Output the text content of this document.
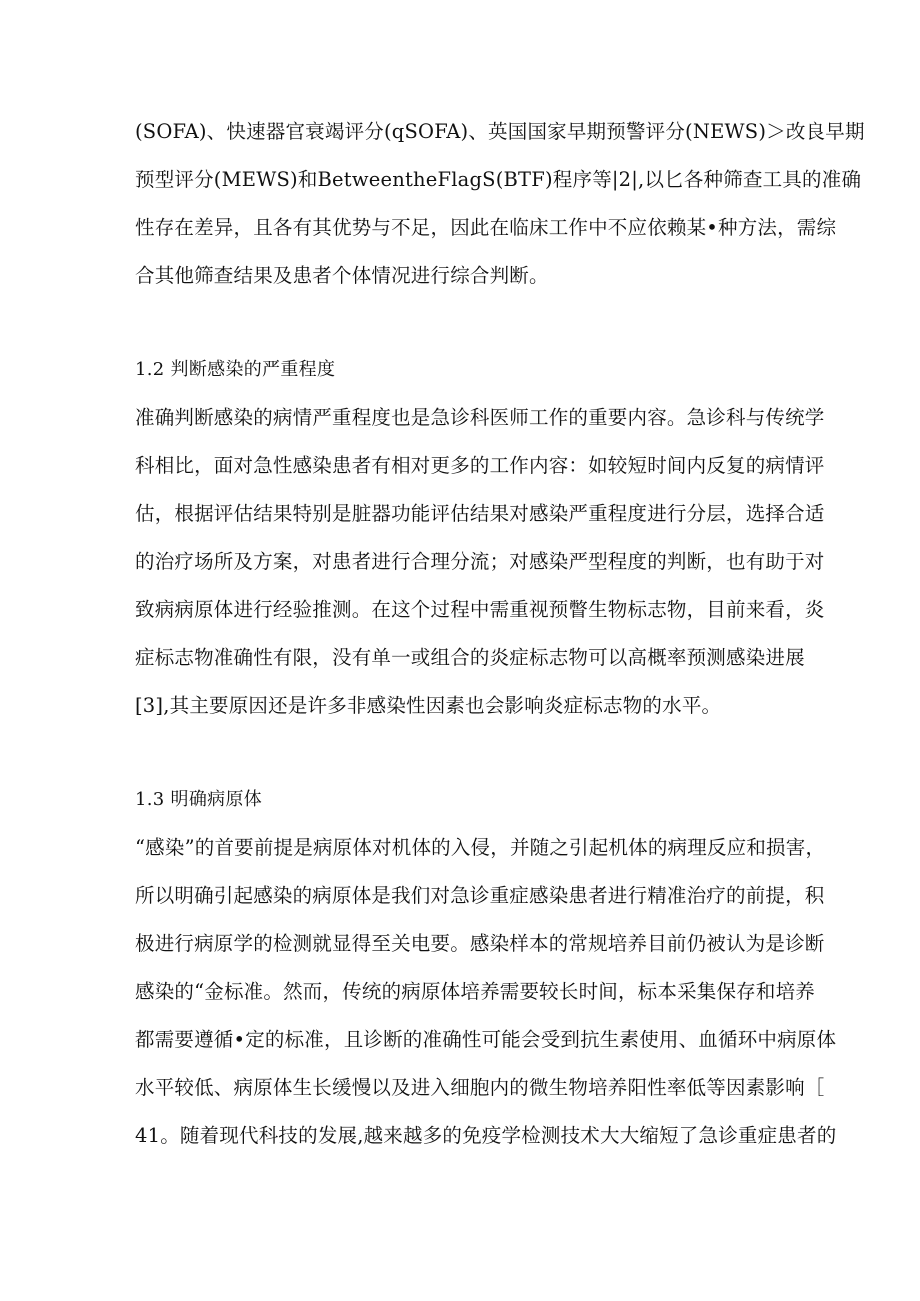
(SOFA)、快速器官衰竭评分(qSOFA)、英国国家早期预警评分(NEWS)＞改良早期
预型评分(MEWS)和BetweentheFlagS(BTF)程序等|2|,以匕各种筛查工具的准确
性存在差异，且各有其优势与不足，因此在临床工作中不应依赖某•种方法，需综
合其他筛查结果及患者个体情况进行综合判断。
1.2 判断感染的严重程度
准确判断感染的病情严重程度也是急诊科医师工作的重要内容。急诊科与传统学
科相比，面对急性感染患者有相对更多的工作内容：如较短时间内反复的病情评
估，根据评估结果特别是脏器功能评估结果对感染严重程度进行分层，选择合适
的治疗场所及方案，对患者进行合理分流；对感染严型程度的判断，也有助于对
致病病原体进行经验推测。在这个过程中需重视预瞥生物标志物，目前来看，炎
症标志物准确性有限，没有单一或组合的炎症标志物可以高概率预测感染进展
[3],其主要原因还是许多非感染性因素也会影响炎症标志物的水平。
1.3 明确病原体
“感染”的首要前提是病原体对机体的入侵，并随之引起机体的病理反应和损害，
所以明确引起感染的病原体是我们对急诊重症感染患者进行精准治疗的前提，积
极进行病原学的检测就显得至关电要。感染样本的常规培养目前仍被认为是诊断
感染的“金标准。然而，传统的病原体培养需要较长时间，标本采集保存和培养
都需要遵循•定的标准，且诊断的准确性可能会受到抗生素使用、血循环中病原体
水平较低、病原体生长缓慢以及进入细胞内的微生物培养阳性率低等因素影响［
41。随着现代科技的发展,越来越多的免疫学检测技术大大缩短了急诊重症患者的
